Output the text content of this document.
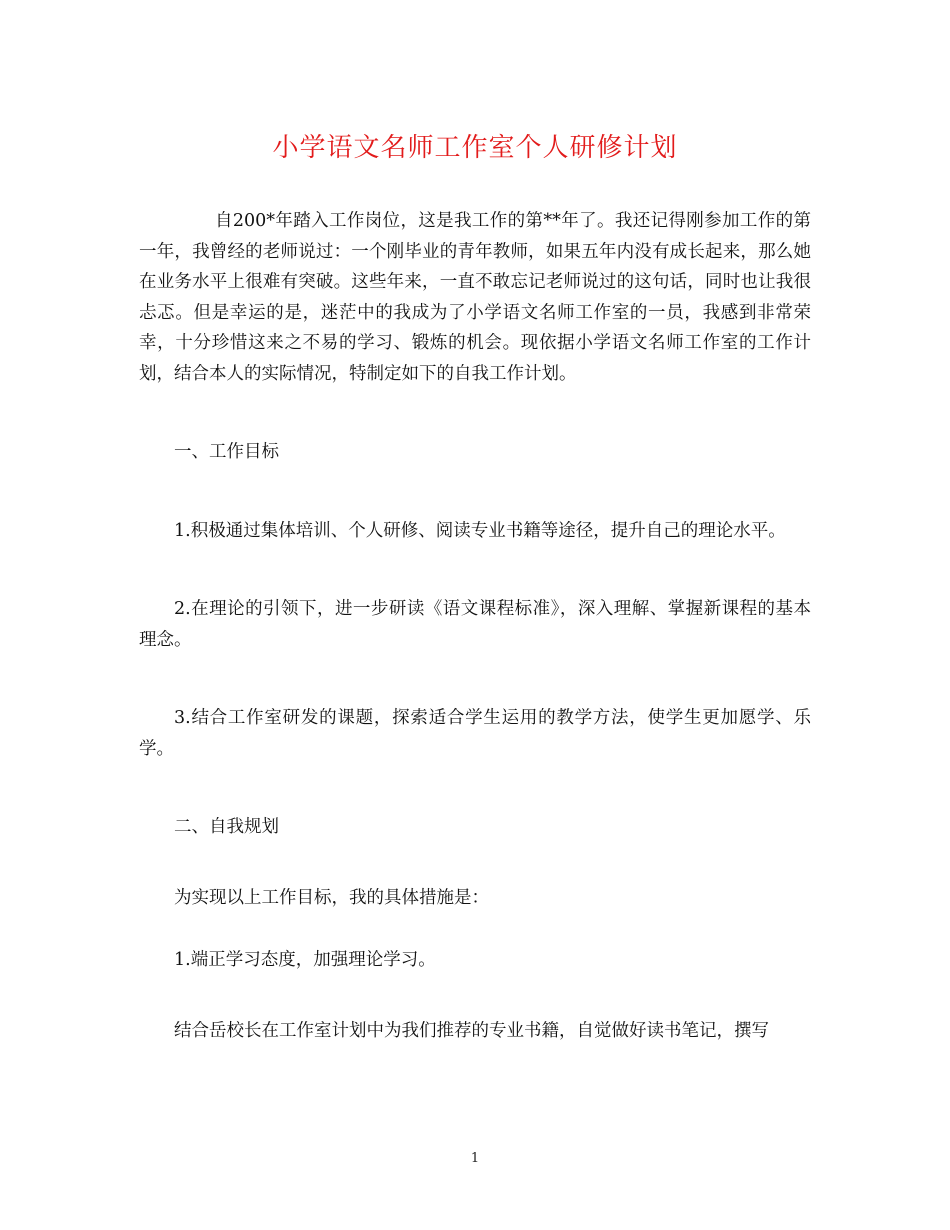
小学语文名师工作室个人研修计划

自200*年踏入工作岗位，这是我工作的第**年了。我还记得刚参加工作的第一年，我曾经的老师说过：一个刚毕业的青年教师，如果五年内没有成长起来，那么她在业务水平上很难有突破。这些年来，一直不敢忘记老师说过的这句话，同时也让我很忐忑。但是幸运的是，迷茫中的我成为了小学语文名师工作室的一员，我感到非常荣幸，十分珍惜这来之不易的学习、锻炼的机会。现依据小学语文名师工作室的工作计划，结合本人的实际情况，特制定如下的自我工作计划。

一、工作目标

1.积极通过集体培训、个人研修、阅读专业书籍等途径，提升自己的理论水平。

2.在理论的引领下，进一步研读《语文课程标准》，深入理解、掌握新课程的基本理念。

3.结合工作室研发的课题，探索适合学生运用的教学方法，使学生更加愿学、乐学。

二、自我规划

为实现以上工作目标，我的具体措施是：

1.端正学习态度，加强理论学习。

结合岳校长在工作室计划中为我们推荐的专业书籍，自觉做好读书笔记，撰写

1
